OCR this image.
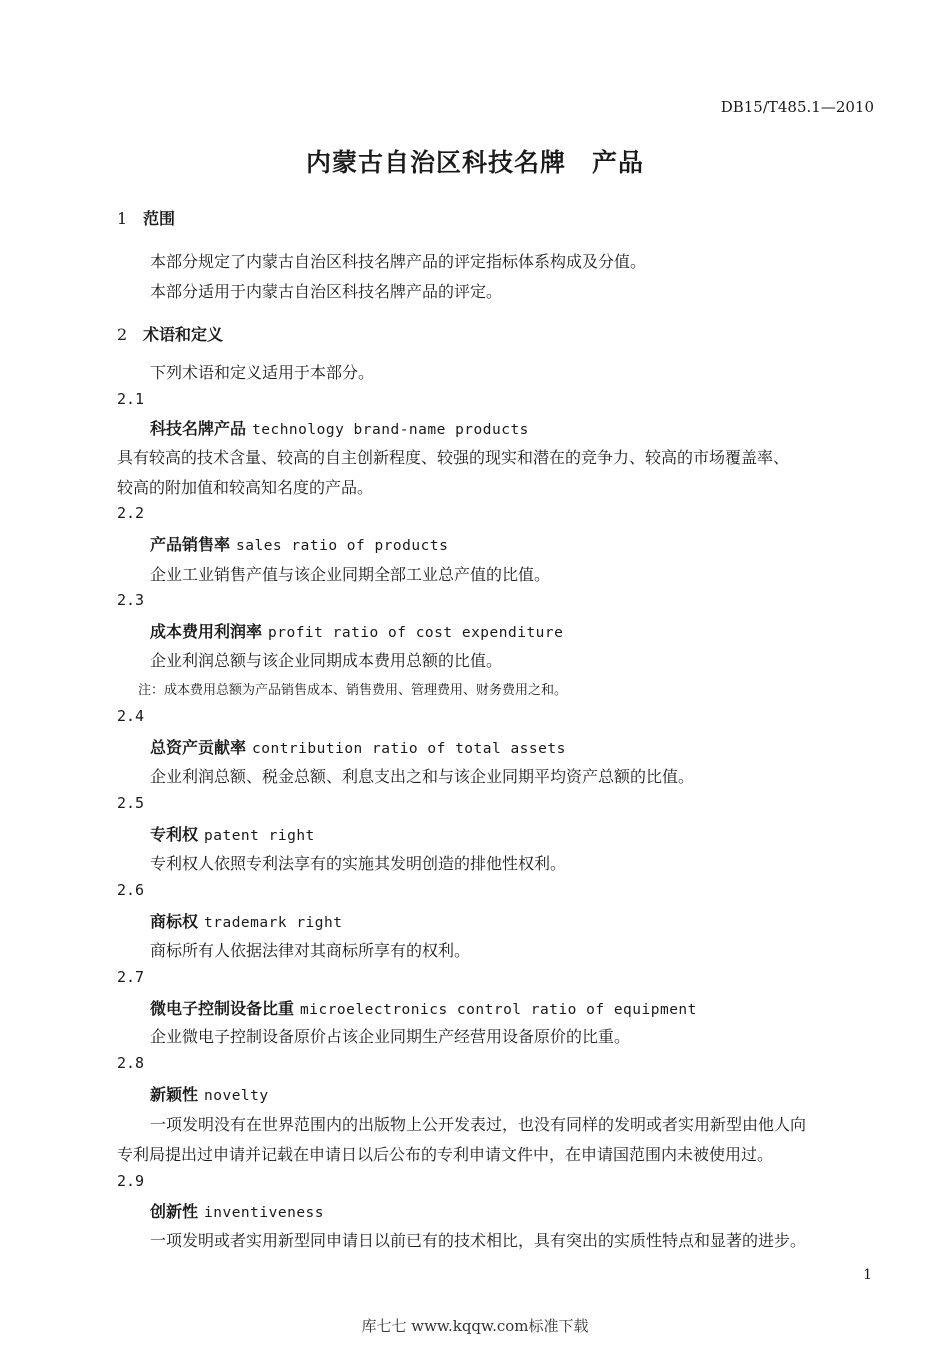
DB15/T485.1—2010
内蒙古自治区科技名牌　产品
1 范围
本部分规定了内蒙古自治区科技名牌产品的评定指标体系构成及分值。
本部分适用于内蒙古自治区科技名牌产品的评定。
2 术语和定义
下列术语和定义适用于本部分。
2.1
科技名牌产品 technology brand-name products
具有较高的技术含量、较高的自主创新程度、较强的现实和潜在的竞争力、较高的市场覆盖率、
较高的附加值和较高知名度的产品。
2.2
产品销售率 sales ratio of products
企业工业销售产值与该企业同期全部工业总产值的比值。
2.3
成本费用利润率 profit ratio of cost expenditure
企业利润总额与该企业同期成本费用总额的比值。
注：成本费用总额为产品销售成本、销售费用、管理费用、财务费用之和。
2.4
总资产贡献率 contribution ratio of total assets
企业利润总额、税金总额、利息支出之和与该企业同期平均资产总额的比值。
2.5
专利权 patent right
专利权人依照专利法享有的实施其发明创造的排他性权利。
2.6
商标权 trademark right
商标所有人依据法律对其商标所享有的权利。
2.7
微电子控制设备比重 microelectronics control ratio of equipment
企业微电子控制设备原价占该企业同期生产经营用设备原价的比重。
2.8
新颖性 novelty
一项发明没有在世界范围内的出版物上公开发表过，也没有同样的发明或者实用新型由他人向
专利局提出过申请并记载在申请日以后公布的专利申请文件中，在申请国范围内未被使用过。
2.9
创新性 inventiveness
一项发明或者实用新型同申请日以前已有的技术相比，具有突出的实质性特点和显著的进步。
1
库七七 www.kqqw.com标准下载
